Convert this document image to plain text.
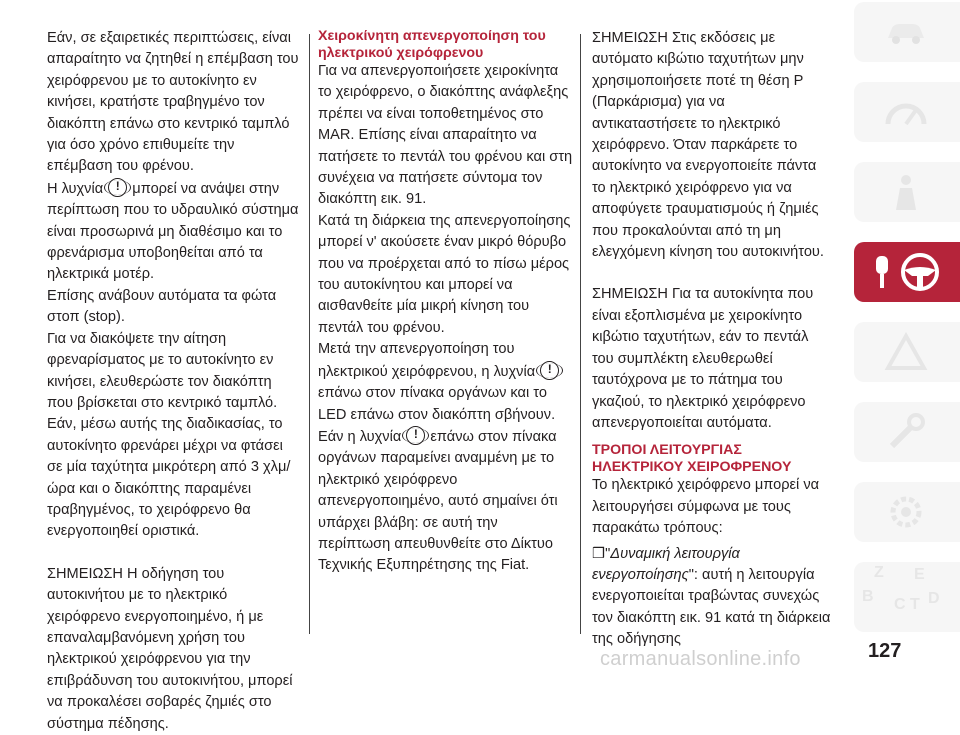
Εάν, σε εξαιρετικές περιπτώσεις, είναι απαραίτητο να ζητηθεί η επέμβαση του χειρόφρενου με το αυτοκίνητο εν κινήσει, κρατήστε τραβηγμένο τον διακόπτη επάνω στο κεντρικό ταμπλό για όσο χρόνο επιθυμείτε την επέμβαση του φρένου.

Η λυχνία ! μπορεί να ανάψει στην περίπτωση που το υδραυλικό σύστημα είναι προσωρινά μη διαθέσιμο και το φρενάρισμα υποβοηθείται από τα ηλεκτρικά μοτέρ.

Επίσης ανάβουν αυτόματα τα φώτα στοπ (stop).

Για να διακόψετε την αίτηση φρεναρίσματος με το αυτοκίνητο εν κινήσει, ελευθερώστε τον διακόπτη που βρίσκεται στο κεντρικό ταμπλό.

Εάν, μέσω αυτής της διαδικασίας, το αυτοκίνητο φρενάρει μέχρι να φτάσει σε μία ταχύτητα μικρότερη από 3 χλμ/ώρα και ο διακόπτης παραμένει τραβηγμένος, το χειρόφρενο θα ενεργοποιηθεί οριστικά.

ΣΗΜΕΙΩΣΗ Η οδήγηση του αυτοκινήτου με το ηλεκτρικό χειρόφρενο ενεργοποιημένο, ή με επαναλαμβανόμενη χρήση του ηλεκτρικού χειρόφρενου για την επιβράδυνση του αυτοκινήτου, μπορεί να προκαλέσει σοβαρές ζημιές στο σύστημα πέδησης.

Χειροκίνητη απενεργοποίηση του ηλεκτρικού χειρόφρενου

Για να απενεργοποιήσετε χειροκίνητα το χειρόφρενο, ο διακόπτης ανάφλεξης πρέπει να είναι τοποθετημένος στο MAR. Επίσης είναι απαραίτητο να πατήσετε το πεντάλ του φρένου και στη συνέχεια να πατήσετε σύντομα τον διακόπτη εικ. 91.

Κατά τη διάρκεια της απενεργοποίησης μπορεί ν' ακούσετε έναν μικρό θόρυβο που να προέρχεται από το πίσω μέρος του αυτοκίνητου και μπορεί να αισθανθείτε μία μικρή κίνηση του πεντάλ του φρένου.

Μετά την απενεργοποίηση του ηλεκτρικού χειρόφρενου, η λυχνία ! επάνω στον πίνακα οργάνων και το LED επάνω στον διακόπτη σβήνουν.

Εάν η λυχνία ! επάνω στον πίνακα οργάνων παραμείνει αναμμένη με το ηλεκτρικό χειρόφρενο απενεργοποιημένο, αυτό σημαίνει ότι υπάρχει βλάβη: σε αυτή την περίπτωση απευθυνθείτε στο Δίκτυο Τεχνικής Εξυπηρέτησης της Fiat.

ΣΗΜΕΙΩΣΗ Στις εκδόσεις με αυτόματο κιβώτιο ταχυτήτων μην χρησιμοποιήσετε ποτέ τη θέση P (Παρκάρισμα) για να αντικαταστήσετε το ηλεκτρικό χειρόφρενο. Όταν παρκάρετε το αυτοκίνητο να ενεργοποιείτε πάντα το ηλεκτρικό χειρόφρενο για να αποφύγετε τραυματισμούς ή ζημιές που προκαλούνται από τη μη ελεγχόμενη κίνηση του αυτοκινήτου.

ΣΗΜΕΙΩΣΗ Για τα αυτοκίνητα που είναι εξοπλισμένα με χειροκίνητο κιβώτιο ταχυτήτων, εάν το πεντάλ του συμπλέκτη ελευθερωθεί ταυτόχρονα με το πάτημα του γκαζιού, το ηλεκτρικό χειρόφρενο απενεργοποιείται αυτόματα.

ΤΡΟΠΟΙ ΛΕΙΤΟΥΡΓΙΑΣ ΗΛΕΚΤΡΙΚΟΥ ΧΕΙΡΟΦΡΕΝΟΥ

Το ηλεκτρικό χειρόφρενο μπορεί να λειτουργήσει σύμφωνα με τους παρακάτω τρόπους:

❒"Δυναμική λειτουργία ενεργοποίησης": αυτή η λειτουργία ενεργοποιείται τραβώντας συνεχώς τον διακόπτη εικ. 91 κατά τη διάρκεια της οδήγησης

Z E
B C T D
127
carmanualsonline.info
